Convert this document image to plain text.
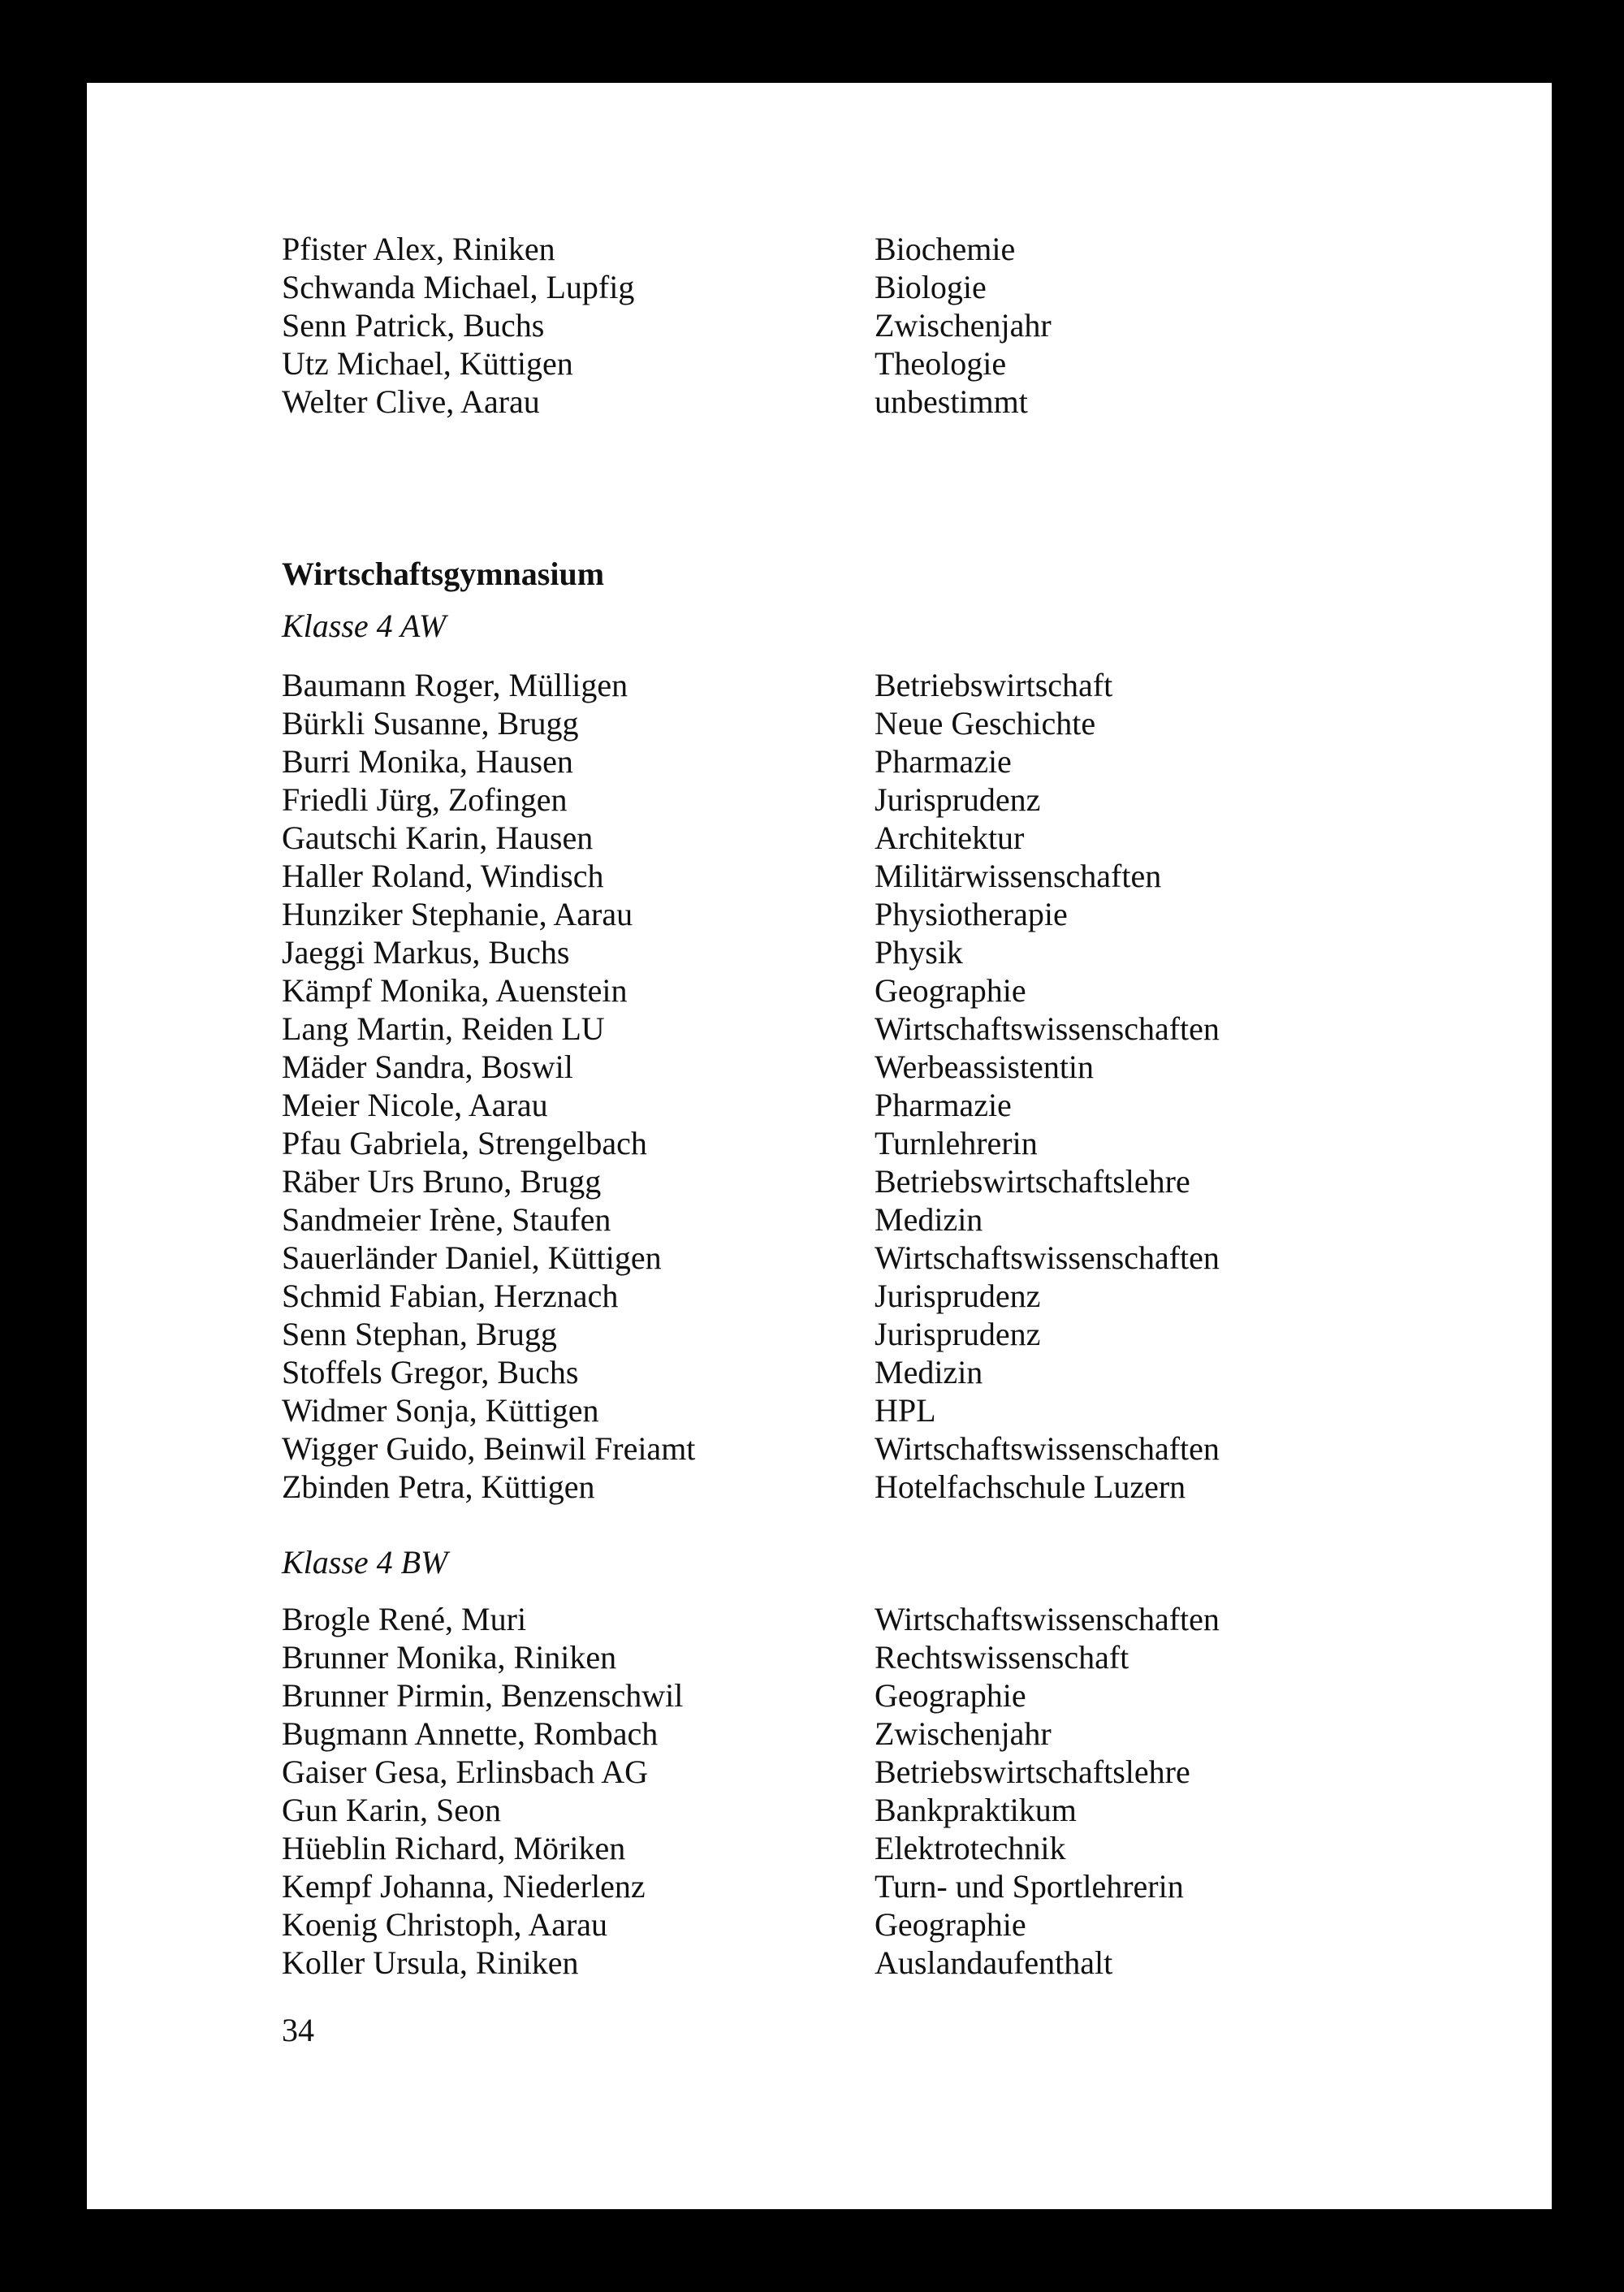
Pfister Alex, Riniken	Biochemie
Schwanda Michael, Lupfig	Biologie
Senn Patrick, Buchs	Zwischenjahr
Utz Michael, Küttigen	Theologie
Welter Clive, Aarau	unbestimmt
Wirtschaftsgymnasium
Klasse 4 AW
Baumann Roger, Mülligen	Betriebswirtschaft
Bürkli Susanne, Brugg	Neue Geschichte
Burri Monika, Hausen	Pharmazie
Friedli Jürg, Zofingen	Jurisprudenz
Gautschi Karin, Hausen	Architektur
Haller Roland, Windisch	Militärwissenschaften
Hunziker Stephanie, Aarau	Physiotherapie
Jaeggi Markus, Buchs	Physik
Kämpf Monika, Auenstein	Geographie
Lang Martin, Reiden LU	Wirtschaftswissenschaften
Mäder Sandra, Boswil	Werbeassistentin
Meier Nicole, Aarau	Pharmazie
Pfau Gabriela, Strengelbach	Turnlehrerin
Räber Urs Bruno, Brugg	Betriebswirtschaftslehre
Sandmeier Irène, Staufen	Medizin
Sauerländer Daniel, Küttigen	Wirtschaftswissenschaften
Schmid Fabian, Herznach	Jurisprudenz
Senn Stephan, Brugg	Jurisprudenz
Stoffels Gregor, Buchs	Medizin
Widmer Sonja, Küttigen	HPL
Wigger Guido, Beinwil Freiamt	Wirtschaftswissenschaften
Zbinden Petra, Küttigen	Hotelfachschule Luzern
Klasse 4 BW
Brogle René, Muri	Wirtschaftswissenschaften
Brunner Monika, Riniken	Rechtswissenschaft
Brunner Pirmin, Benzenschwil	Geographie
Bugmann Annette, Rombach	Zwischenjahr
Gaiser Gesa, Erlinsbach AG	Betriebswirtschaftslehre
Gun Karin, Seon	Bankpraktikum
Hüeblin Richard, Möriken	Elektrotechnik
Kempf Johanna, Niederlenz	Turn- und Sportlehrerin
Koenig Christoph, Aarau	Geographie
Koller Ursula, Riniken	Auslandaufenthalt
34
